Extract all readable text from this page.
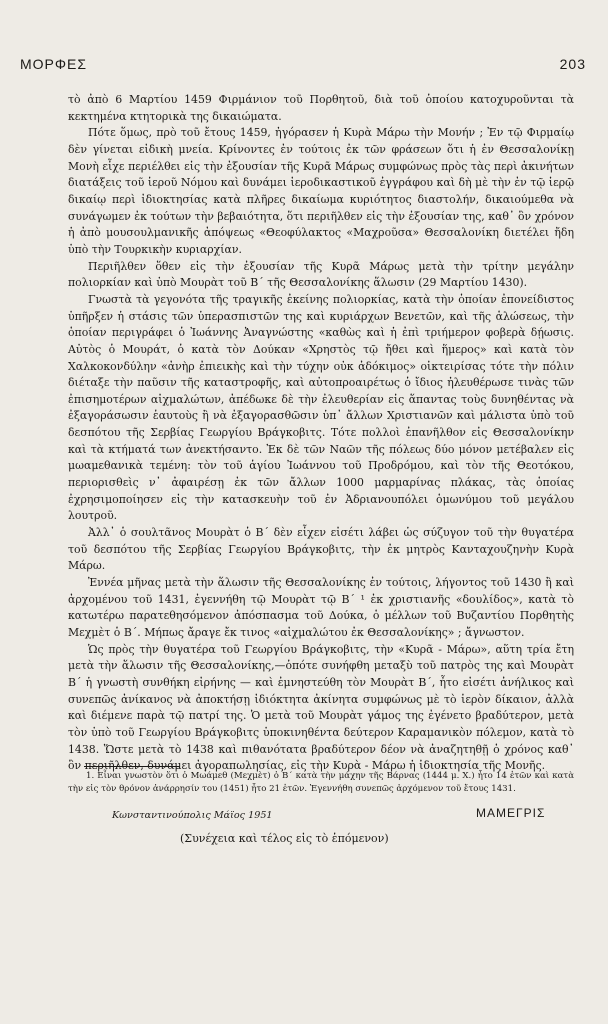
ΜΟΡΦΕΣ	203

τὸ ἀπὸ 6 Μαρτίου 1459 Φιρμάνιον τοῦ Πορθητοῦ, διὰ τοῦ ὁποίου κατοχυροῦνται τὰ κεκτημένα κτητορικὰ της δικαιώματα.

Πότε ὅμως, πρὸ τοῦ ἔτους 1459, ἠγόρασεν ἡ Κυρὰ Μάρω τὴν Μονήν ; Ἐν τῷ Φιρμαίῳ δὲν γίνεται εἰδικὴ μνεία. Κρίνοντες ἐν τούτοις ἐκ τῶν φράσεων ὅτι ἡ ἐν Θεσσαλονίκῃ Μονὴ εἶχε περιέλθει εἰς τὴν ἐξουσίαν τῆς Κυρᾶ Μάρως συμφώνως πρὸς τὰς περὶ ἀκινήτων διατάξεις τοῦ ἱεροῦ Νόμου καὶ δυνάμει ἱεροδικαστικοῦ ἐγγράφου καὶ δὴ μὲ τὴν ἐν τῷ ἱερῷ δικαίῳ περὶ ἰδιοκτησίας κατὰ πλῆρες δικαίωμα κυριότητος διαστολήν, δικαιούμεθα νὰ συνάγωμεν ἐκ τούτων τὴν βεβαιότητα, ὅτι περιῆλθεν εἰς τὴν ἐξουσίαν της, καθ᾽ ὃν χρόνον ἡ ἀπὸ μουσουλμανικῆς ἀπόψεως «Θεοφύλακτος «Μαχροῦσα» Θεσσαλονίκη διετέλει ἤδη ὑπὸ τὴν Τουρκικὴν κυριαρχίαν.

Περιῆλθεν ὅθεν εἰς τὴν ἐξουσίαν τῆς Κυρᾶ Μάρως μετὰ τὴν τρίτην μεγάλην πολιορκίαν καὶ ὑπὸ Μουρὰτ τοῦ Β΄ τῆς Θεσσαλονίκης ἅλωσιν (29 Μαρτίου 1430).

Γνωστὰ τὰ γεγονότα τῆς τραγικῆς ἐκείνης πολιορκίας, κατὰ τὴν ὁποίαν ἐπονείδιστος ὑπῆρξεν ἡ στάσις τῶν ὑπερασπιστῶν της καὶ κυριάρχων Βενετῶν, καὶ τῆς ἁλώσεως, τὴν ὁποίαν περιγράφει ὁ Ἰωάννης Ἀναγνώστης «καθὼς καὶ ἡ ἐπὶ τριήμερον φοβερὰ δῄωσις. Αὐτὸς ὁ Μουράτ, ὁ κατὰ τὸν Δούκαν «Χρηστὸς τῷ ἤθει καὶ ἥμερος» καὶ κατὰ τὸν Χαλκοκονδύλην «ἀνὴρ ἐπιεικὴς καὶ τὴν τύχην οὐκ ἀδόκιμος» οἰκτειρίσας τότε τὴν πόλιν διέταξε τὴν παῦσιν τῆς καταστροφῆς, καὶ αὐτοπροαιρέτως ὁ ἴδιος ἠλευθέρωσε τινὰς τῶν ἐπισημοτέρων αἰχμαλώτων, ἀπέδωκε δὲ τὴν ἐλευθερίαν εἰς ἅπαντας τοὺς δυνηθέντας νὰ ἐξαγοράσωσιν ἑαυτοὺς ἢ νὰ ἐξαγορασθῶσιν ὑπ᾽ ἄλλων Χριστιανῶν καὶ μάλιστα ὑπὸ τοῦ δεσπότου τῆς Σερβίας Γεωργίου Βράγκοβιτς. Τότε πολλοὶ ἐπανῆλθον εἰς Θεσσαλονίκην καὶ τὰ κτήματά των ἀνεκτήσαντο. Ἐκ δὲ τῶν Ναῶν τῆς πόλεως δύο μόνον μετέβαλεν εἰς μωαμεθανικὰ τεμένη: τὸν τοῦ ἁγίου Ἰωάννου τοῦ Προδρόμου, καὶ τὸν τῆς Θεοτόκου, περιορισθεὶς ν᾽ ἀφαιρέσῃ ἐκ τῶν ἄλλων 1000 μαρμαρίνας πλάκας, τὰς ὁποίας ἐχρησιμοποίησεν εἰς τὴν κατασκευὴν τοῦ ἐν Ἀδριανουπόλει ὁμωνύμου τοῦ μεγάλου λουτροῦ.

Ἀλλ᾽ ὁ σουλτᾶνος Μουρὰτ ὁ Β΄ δὲν εἶχεν εἰσέτι λάβει ὡς σύζυγον τοῦ τὴν θυγατέρα τοῦ δεσπότου τῆς Σερβίας Γεωργίου Βράγκοβιτς, τὴν ἐκ μητρὸς Κανταχουζηνὴν Κυρὰ Μάρω.

Ἐννέα μῆνας μετὰ τὴν ἅλωσιν τῆς Θεσσαλονίκης ἐν τούτοις, λήγοντος τοῦ 1430 ἢ καὶ ἀρχομένου τοῦ 1431, ἐγεννήθη τῷ Μουρὰτ τῷ Β΄ ¹ ἐκ χριστιανῆς «δουλίδος», κατὰ τὸ κατωτέρω παρατεθησόμενον ἀπόσπασμα τοῦ Δούκα, ὁ μέλλων τοῦ Βυζαντίου Πορθητὴς Μεχμὲτ ὁ Β΄. Μήπως ἄραγε ἔκ τινος «αἰχμαλώτου ἐκ Θεσσαλονίκης» ; ἄγνωστον.

Ὡς πρὸς τὴν θυγατέρα τοῦ Γεωργίου Βράγκοβιτς, τὴν «Κυρᾶ - Μάρω», αὕτη τρία ἔτη μετὰ τὴν ἅλωσιν τῆς Θεσσαλονίκης,—ὁπότε συνήφθη μεταξὺ τοῦ πατρὸς της καὶ Μουρὰτ Β΄ ἡ γνωστὴ συνθήκη εἰρήνης — καὶ ἐμνηστεύθη τὸν Μουρὰτ Β΄, ἦτο εἰσέτι ἀνήλικος καὶ συνεπῶς ἀνίκανος νὰ ἀποκτήσῃ ἰδιόκτητα ἀκίνητα συμφώνως μὲ τὸ ἱερὸν δίκαιον, ἀλλὰ καὶ διέμενε παρὰ τῷ πατρί της. Ὁ μετὰ τοῦ Μουρὰτ γάμος της ἐγένετο βραδύτερον, μετὰ τὸν ὑπὸ τοῦ Γεωργίου Βράγκοβιτς ὑποκινηθέντα δεύτερον Καραμανικὸν πόλεμον, κατὰ τὸ 1438. Ὥστε μετὰ τὸ 1438 καὶ πιθανότατα βραδύτερον δέον νὰ ἀναζητηθῇ ὁ χρόνος καθ᾽ ὃν περιῆλθεν, δυνάμει ἀγοραπωλησίας, εἰς τὴν Κυρὰ - Μάρω ἡ ἰδιοκτησία τῆς Μονῆς.

1. Εἶναι γνωστὸν ὅτι ὁ Μωάμεθ (Μεχμὲτ) ὁ Β΄ κατὰ τὴν μάχην τῆς Βάρνας (1444 μ. Χ.) ἦτο 14 ἐτῶν καὶ κατὰ τὴν εἰς τὸν θρόνον ἀνάρρησίν του (1451) ἦτο 21 ἐτῶν. Ἐγεννήθη συνεπῶς ἀρχόμενον τοῦ ἔτους 1431.
Κωνσταντινούπολις Μάϊος 1951	ΜΑΜΕΓΡΙΣ
(Συνέχεια καὶ τέλος εἰς τὸ ἑπόμενον)
